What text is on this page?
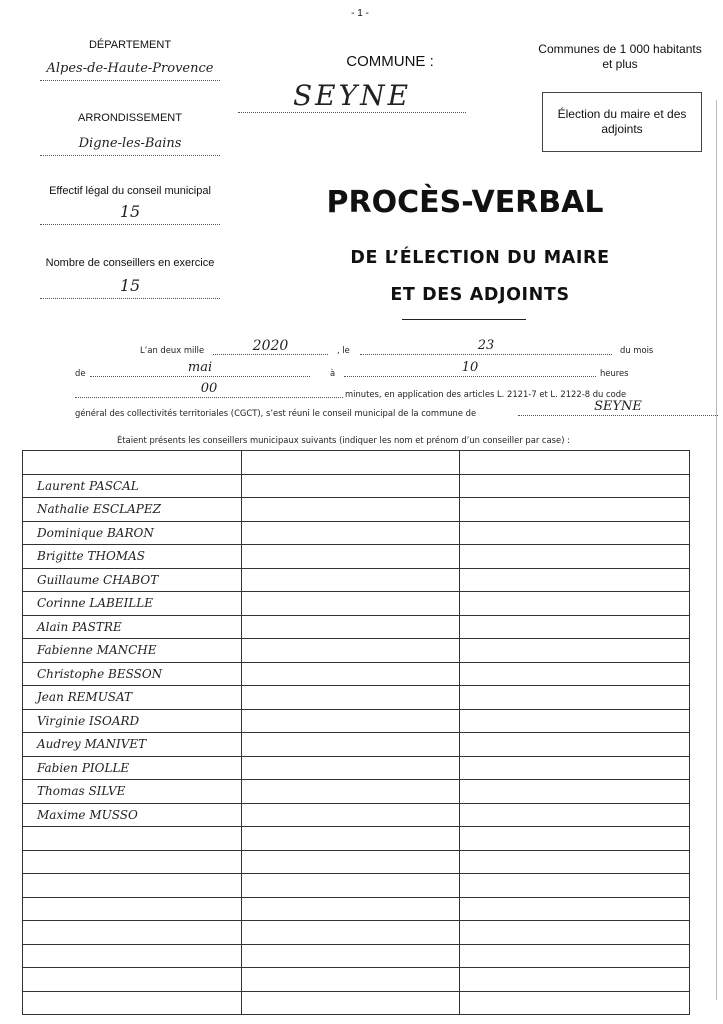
- 1 -
DÉPARTEMENT
Alpes-de-Haute-Provence
ARRONDISSEMENT
Digne-les-Bains
Effectif légal du conseil municipal
15
Nombre de conseillers en exercice
15
COMMUNE :
SEYNE
Communes de 1 000 habitants et plus
Élection du maire et des adjoints
PROCÈS-VERBAL
DE L’ÉLECTION DU MAIRE
ET DES ADJOINTS
L’an deux mille	2020	, le	23	du mois
de	mai	à	10	heures
00	minutes, en application des articles L. 2121-7 et L. 2122-8 du code
général des collectivités territoriales (CGCT), s’est réuni le conseil municipal de la commune de	SEYNE
Étaient présents les conseillers municipaux suivants (indiquer les nom et prénom d’un conseiller par case) :

Laurent PASCAL		
Nathalie ESCLAPEZ		
Dominique BARON		
Brigitte THOMAS		
Guillaume CHABOT		
Corinne LABEILLE		
Alain PASTRE		
Fabienne MANCHE		
Christophe BESSON		
Jean REMUSAT		
Virginie ISOARD		
Audrey MANIVET		
Fabien PIOLLE		
Thomas SILVE		
Maxime MUSSO		
